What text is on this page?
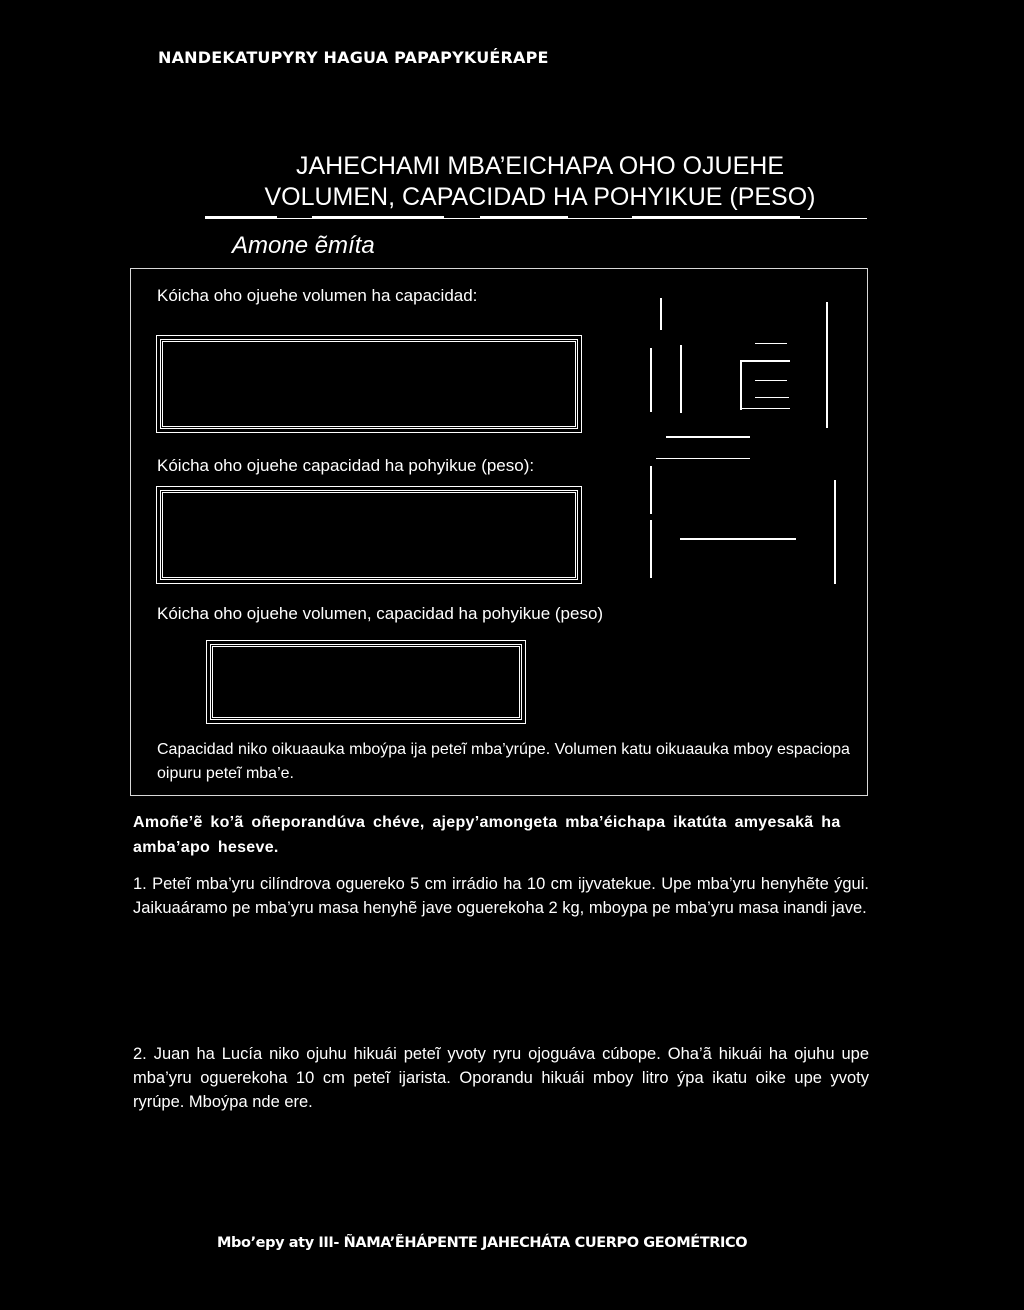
NANDEKATUPYRY HAGUA PAPAPYKUÉRAPE
JAHECHAMI MBA’EICHAPA OHO OJUEHE
VOLUMEN, CAPACIDAD HA POHYIKUE (PESO)
Amone ẽmíta
Kóicha oho ojuehe volumen ha capacidad:
Kóicha oho ojuehe capacidad ha pohyikue (peso):
Kóicha oho ojuehe volumen, capacidad ha pohyikue (peso)
Capacidad niko oikuaauka mboýpa ija peteĩ mba’yrúpe. Volumen katu oikuaauka mboy espaciopa oipuru peteĩ mba’e.
Amoñe’ẽ ko’ã oñeporandúva chéve, ajepy’amongeta mba’éichapa ikatúta amyesakã ha amba’apo heseve.
1. Peteĩ mba’yru cilíndrova oguereko 5 cm irrádio ha 10 cm ijyvatekue. Upe mba’yru henyhẽte ýgui. Jaikuaáramo pe mba’yru masa henyhẽ jave oguerekoha 2 kg, mboypa pe mba’yru masa inandi jave.
2. Juan ha Lucía niko ojuhu hikuái peteĩ yvoty ryru ojoguáva cúbope. Oha’ã hikuái ha ojuhu upe mba’yru oguerekoha 10 cm peteĩ ijarista. Oporandu hikuái mboy litro ýpa ikatu oike upe yvoty ryrúpe. Mboýpa nde ere.
Mbo’epy aty III- ÑAMA’ẼHÁPENTE JAHECHÁTA CUERPO GEOMÉTRICO
